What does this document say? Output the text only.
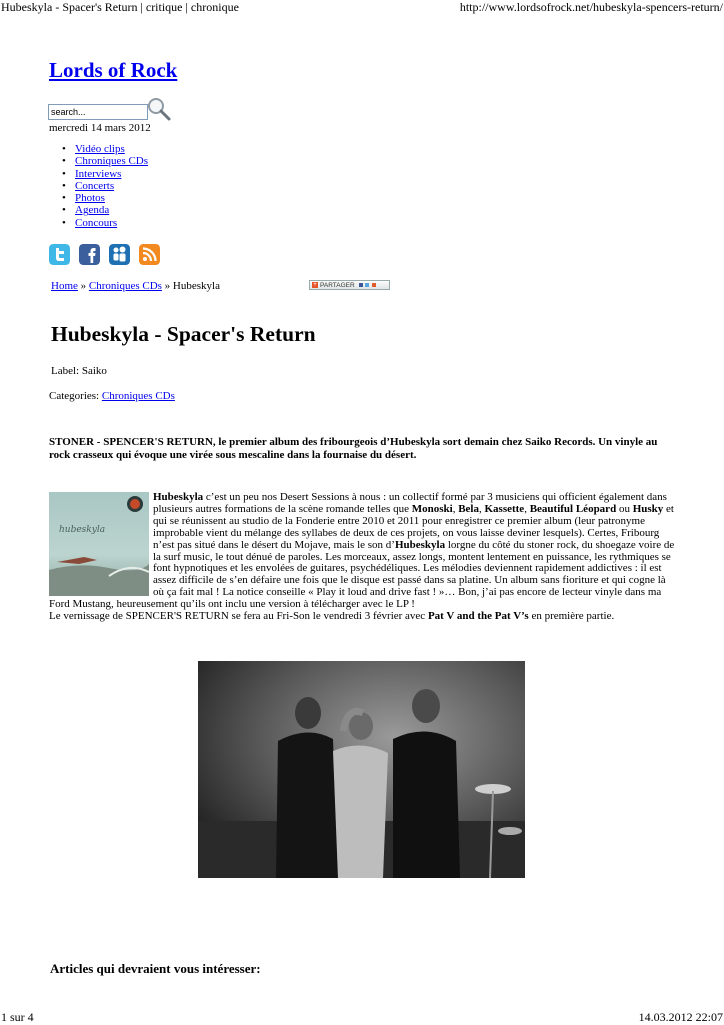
Hubeskyla - Spacer's Return | critique | chronique	http://www.lordsofrock.net/hubeskyla-spencers-return/
Lords of Rock
search...
mercredi 14 mars 2012
• Vidéo clips
• Chroniques CDs
• Interviews
• Concerts
• Photos
• Agenda
• Concours
Home » Chroniques CDs » Hubeskyla	+ PARTAGER
Hubeskyla - Spacer's Return
Label: Saiko
Categories: Chroniques CDs
STONER - SPENCER'S RETURN, le premier album des fribourgeois d’Hubeskyla sort demain chez Saiko Records. Un vinyle au rock crasseux qui évoque une virée sous mescaline dans la fournaise du désert.
hubeskyla

Hubeskyla c’est un peu nos Desert Sessions à nous : un collectif formé par 3 musiciens qui officient également dans plusieurs autres formations de la scène romande telles que Monoski, Bela, Kassette, Beautiful Léopard ou Husky et qui se réunissent au studio de la Fonderie entre 2010 et 2011 pour enregistrer ce premier album (leur patronyme improbable vient du mélange des syllabes de deux de ces projets, on vous laisse deviner lesquels). Certes, Fribourg n’est pas situé dans le désert du Mojave, mais le son d’Hubeskyla lorgne du côté du stoner rock, du shoegaze voire de la surf music, le tout dénué de paroles. Les morceaux, assez longs, montent lentement en puissance, les rythmiques se font hypnotiques et les envolées de guitares, psychédéliques. Les mélodies deviennent rapidement addictives : il est assez difficile de s’en défaire une fois que le disque est passé dans sa platine. Un album sans fioriture et qui cogne là où ça fait mal ! La notice conseille « Play it loud and drive fast ! »… Bon, j’ai pas encore de lecteur vinyle dans ma Ford Mustang, heureusement qu’ils ont inclu une version à télécharger avec le LP !

Le vernissage de SPENCER'S RETURN se fera au Fri-Son le vendredi 3 février avec Pat V and the Pat V’s en première partie.

Articles qui devraient vous intéresser:
1 sur 4	14.03.2012 22:07
